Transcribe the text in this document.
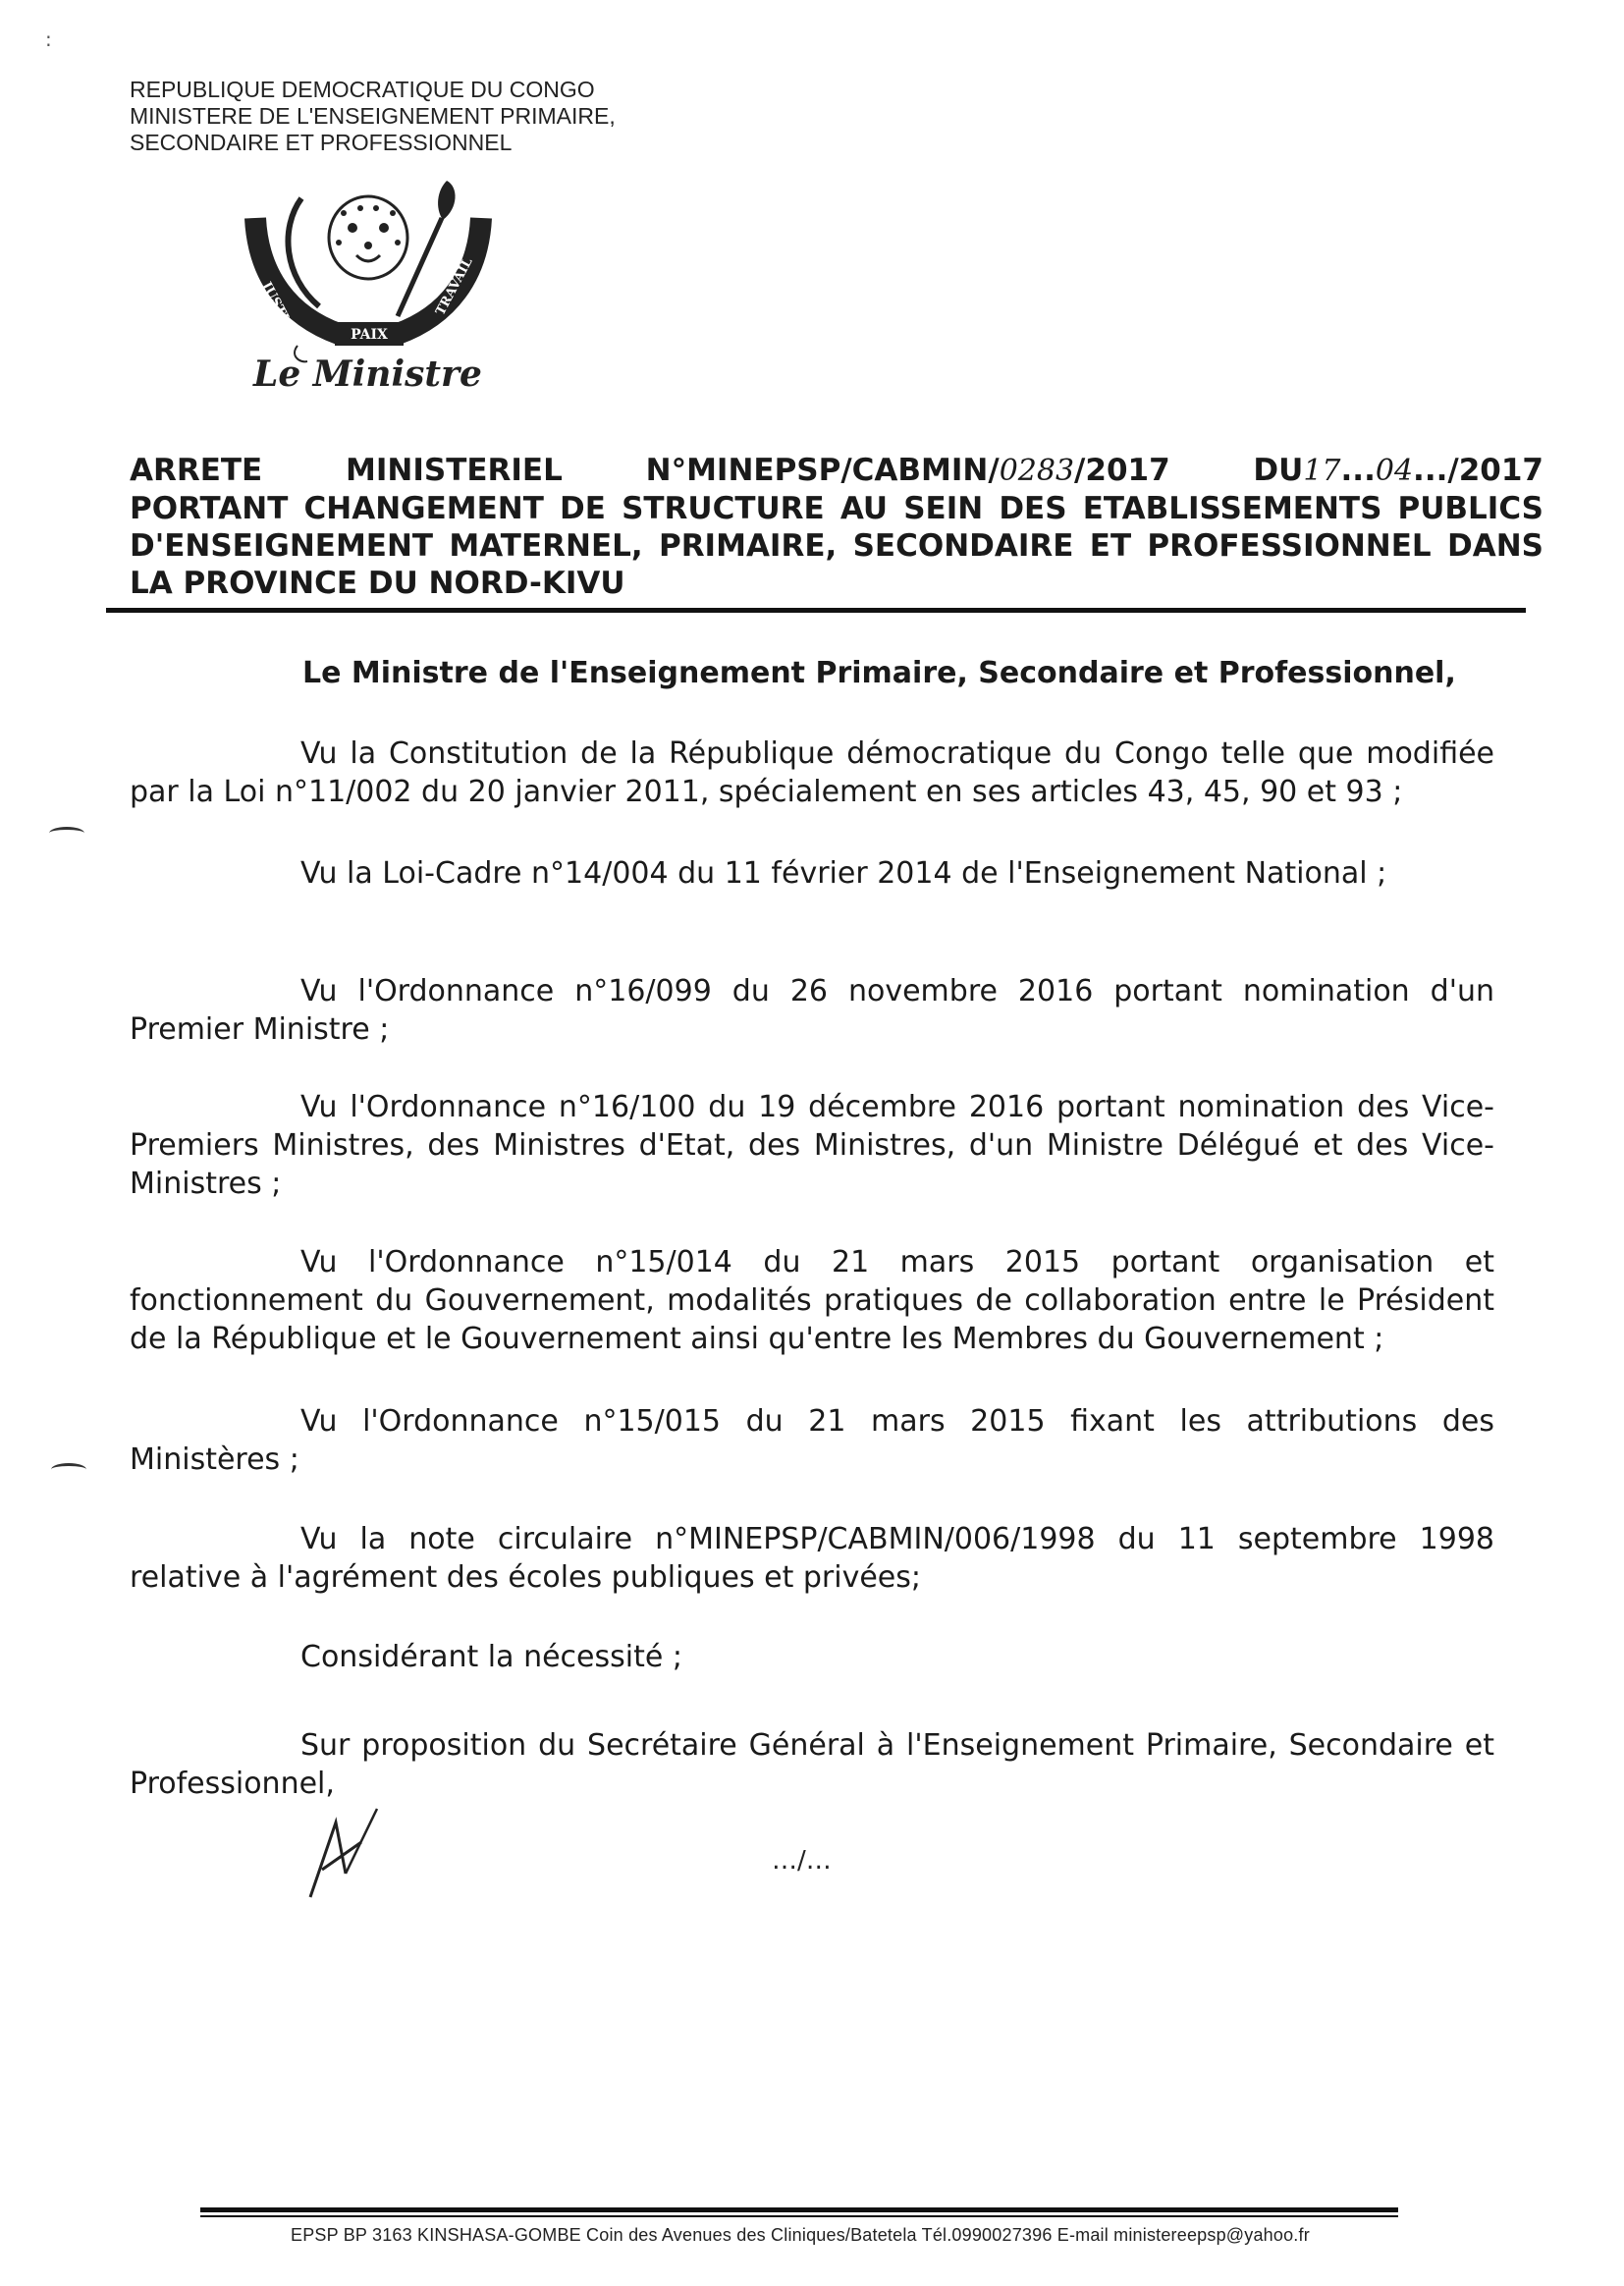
:
REPUBLIQUE DEMOCRATIQUE DU CONGO
MINISTERE DE L'ENSEIGNEMENT PRIMAIRE,
SECONDAIRE ET PROFESSIONNEL
JUSTICE	PAIX
TRAVAIL
Le Ministre
ARRETE	MINISTERIEL	N°MINEPSP/CABMIN/0283/2017	DU17...04.../2017
PORTANT CHANGEMENT DE STRUCTURE AU SEIN DES ETABLISSEMENTS PUBLICS
D'ENSEIGNEMENT MATERNEL, PRIMAIRE, SECONDAIRE ET PROFESSIONNEL DANS
LA PROVINCE DU NORD-KIVU
Le Ministre de l'Enseignement Primaire, Secondaire et Professionnel,
Vu la Constitution de la République démocratique du Congo telle que modifiée par la Loi n°11/002 du 20 janvier 2011, spécialement en ses articles 43, 45, 90 et 93 ;
Vu la Loi-Cadre n°14/004 du 11 février 2014 de l'Enseignement National ;
Vu l'Ordonnance n°16/099 du 26 novembre 2016 portant nomination d'un Premier Ministre ;
Vu l'Ordonnance n°16/100 du 19 décembre 2016 portant nomination des Vice-Premiers Ministres, des Ministres d'Etat, des Ministres, d'un Ministre Délégué et des Vice-Ministres ;
Vu l'Ordonnance n°15/014 du 21 mars 2015 portant organisation et fonctionnement du Gouvernement, modalités pratiques de collaboration entre le Président de la République et le Gouvernement ainsi qu'entre les Membres du Gouvernement ;
Vu l'Ordonnance n°15/015 du 21 mars 2015 fixant les attributions des Ministères ;
Vu la note circulaire n°MINEPSP/CABMIN/006/1998 du 11 septembre 1998 relative à l'agrément des écoles publiques et privées;
Considérant la nécessité ;
Sur proposition du Secrétaire Général à l'Enseignement Primaire, Secondaire et Professionnel,
…/…
EPSP BP 3163 KINSHASA-GOMBE Coin des Avenues des Cliniques/Batetela Tél.0990027396 E-mail ministereepsp@yahoo.fr
